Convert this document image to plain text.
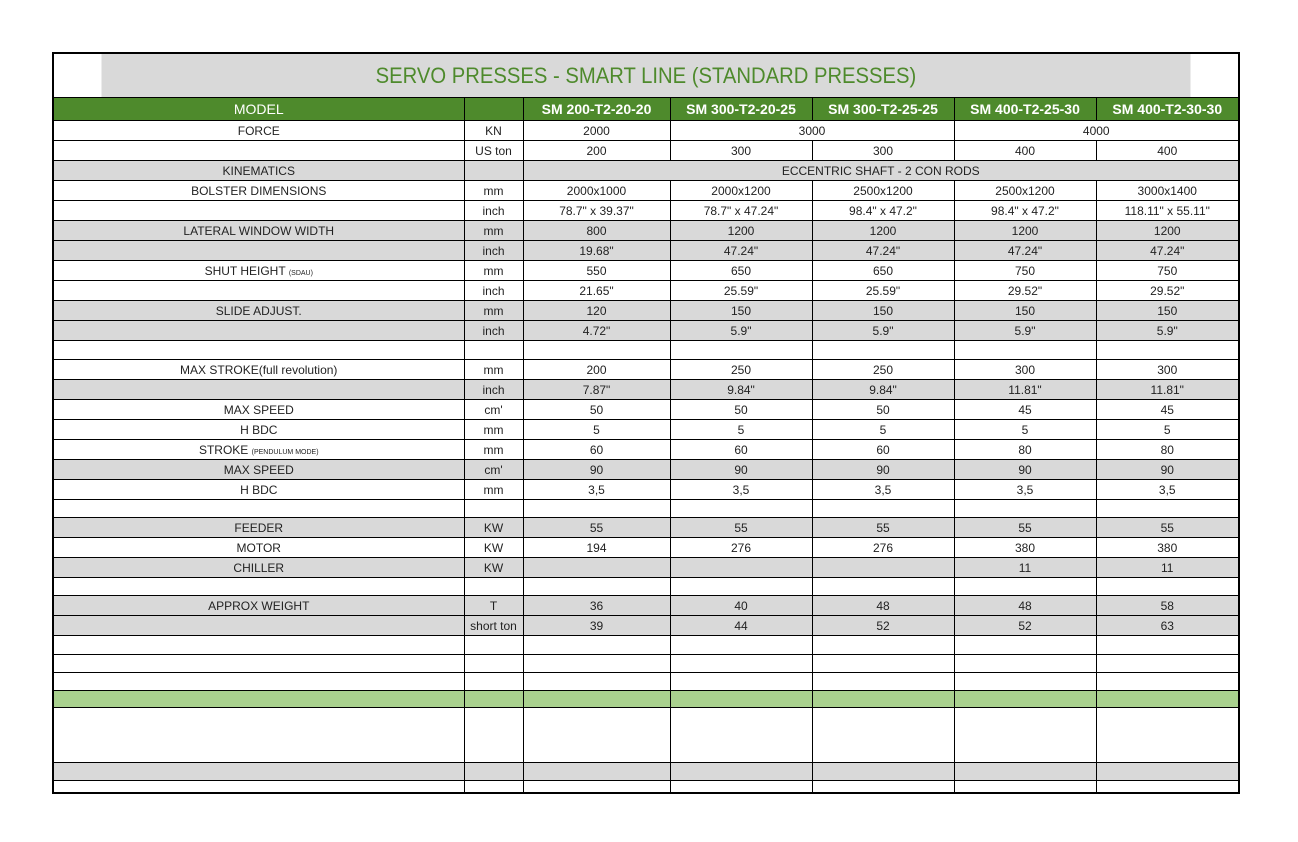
SERVO PRESSES - SMART LINE (STANDARD PRESSES)						
MODEL		SM 200-T2-20-20	SM 300-T2-20-25	SM 300-T2-25-25	SM 400-T2-25-30	SM 400-T2-30-30
FORCE	KN	2000	3000		4000	
	US ton	200	300	300	400	400
KINEMATICS		ECCENTRIC SHAFT - 2 CON RODS				
BOLSTER DIMENSIONS	mm	2000x1000	2000x1200	2500x1200	2500x1200	3000x1400
	inch	78.7" x 39.37"	78.7" x 47.24"	98.4" x 47.2"	98.4" x 47.2"	118.11" x 55.11"
LATERAL WINDOW WIDTH	mm	800	1200	1200	1200	1200
	inch	19.68"	47.24"	47.24"	47.24"	47.24"
SHUT HEIGHT (SDAU)	mm	550	650	650	750	750
	inch	21.65"	25.59"	25.59"	29.52"	29.52"
SLIDE ADJUST.	mm	120	150	150	150	150
	inch	4.72"	5.9"	5.9"	5.9"	5.9"

MAX STROKE(full revolution)	mm	200	250	250	300	300
	inch	7.87"	9.84"	9.84"	11.81"	11.81"
MAX SPEED	cm'	50	50	50	45	45
H BDC	mm	5	5	5	5	5
STROKE (PENDULUM MODE)	mm	60	60	60	80	80
MAX SPEED	cm'	90	90	90	90	90
H BDC	mm	3,5	3,5	3,5	3,5	3,5

FEEDER	KW	55	55	55	55	55
MOTOR	KW	194	276	276	380	380
CHILLER	KW				11	11

APPROX WEIGHT	T	36	40	48	48	58
	short ton	39	44	52	52	63
